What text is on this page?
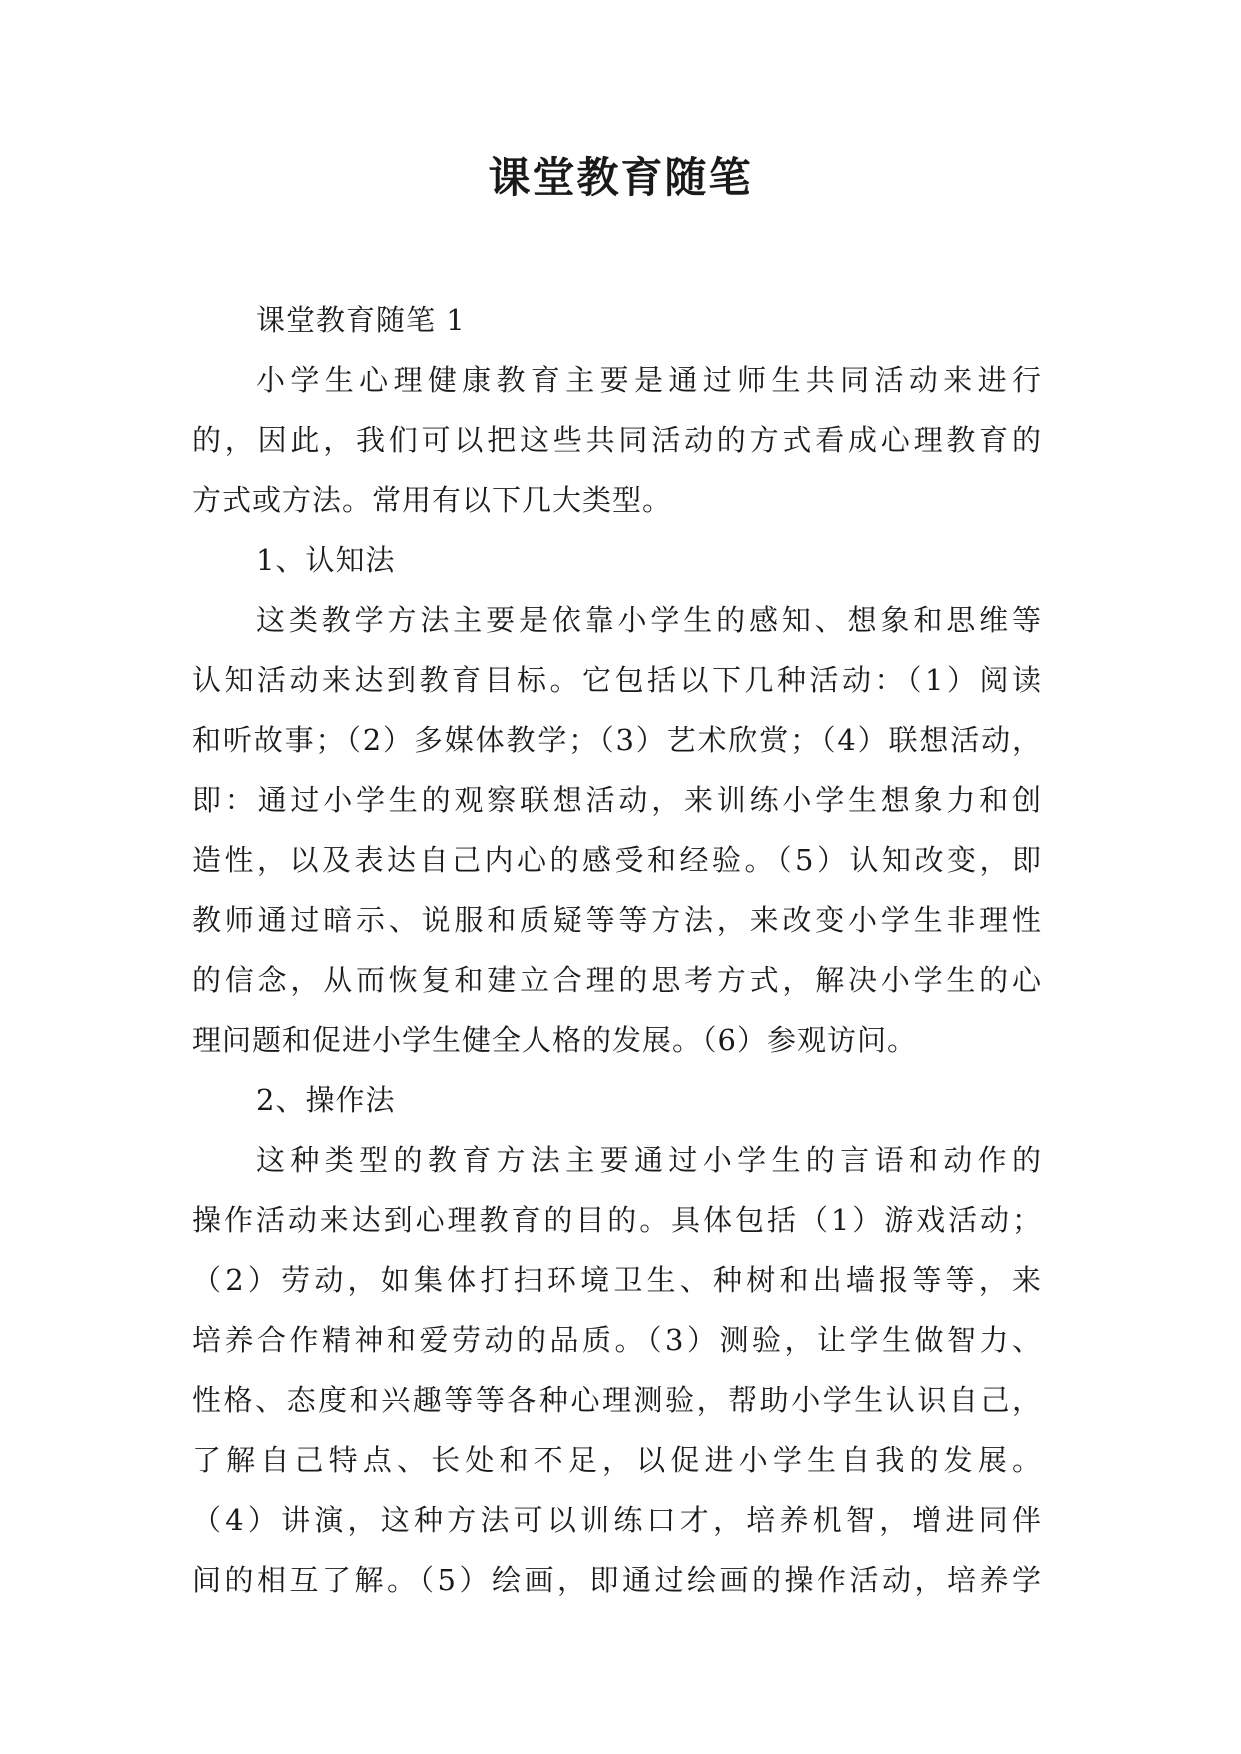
课堂教育随笔
课堂教育随笔 1
小学生心理健康教育主要是通过师生共同活动来进行
的，因此，我们可以把这些共同活动的方式看成心理教育的
方式或方法。常用有以下几大类型。
1、认知法
这类教学方法主要是依靠小学生的感知、想象和思维等
认知活动来达到教育目标。它包括以下几种活动：（1）阅读
和听故事；（2）多媒体教学；（3）艺术欣赏；（4）联想活动，
即：通过小学生的观察联想活动，来训练小学生想象力和创
造性，以及表达自己内心的感受和经验。（5）认知改变，即
教师通过暗示、说服和质疑等等方法，来改变小学生非理性
的信念，从而恢复和建立合理的思考方式，解决小学生的心
理问题和促进小学生健全人格的发展。（6）参观访问。
2、操作法
这种类型的教育方法主要通过小学生的言语和动作的
操作活动来达到心理教育的目的。具体包括（1）游戏活动；
（2）劳动，如集体打扫环境卫生、种树和出墙报等等，来
培养合作精神和爱劳动的品质。（3）测验，让学生做智力、
性格、态度和兴趣等等各种心理测验，帮助小学生认识自己，
了解自己特点、长处和不足，以促进小学生自我的发展。
（4）讲演，这种方法可以训练口才，培养机智，增进同伴
间的相互了解。（5）绘画，即通过绘画的操作活动，培养学
